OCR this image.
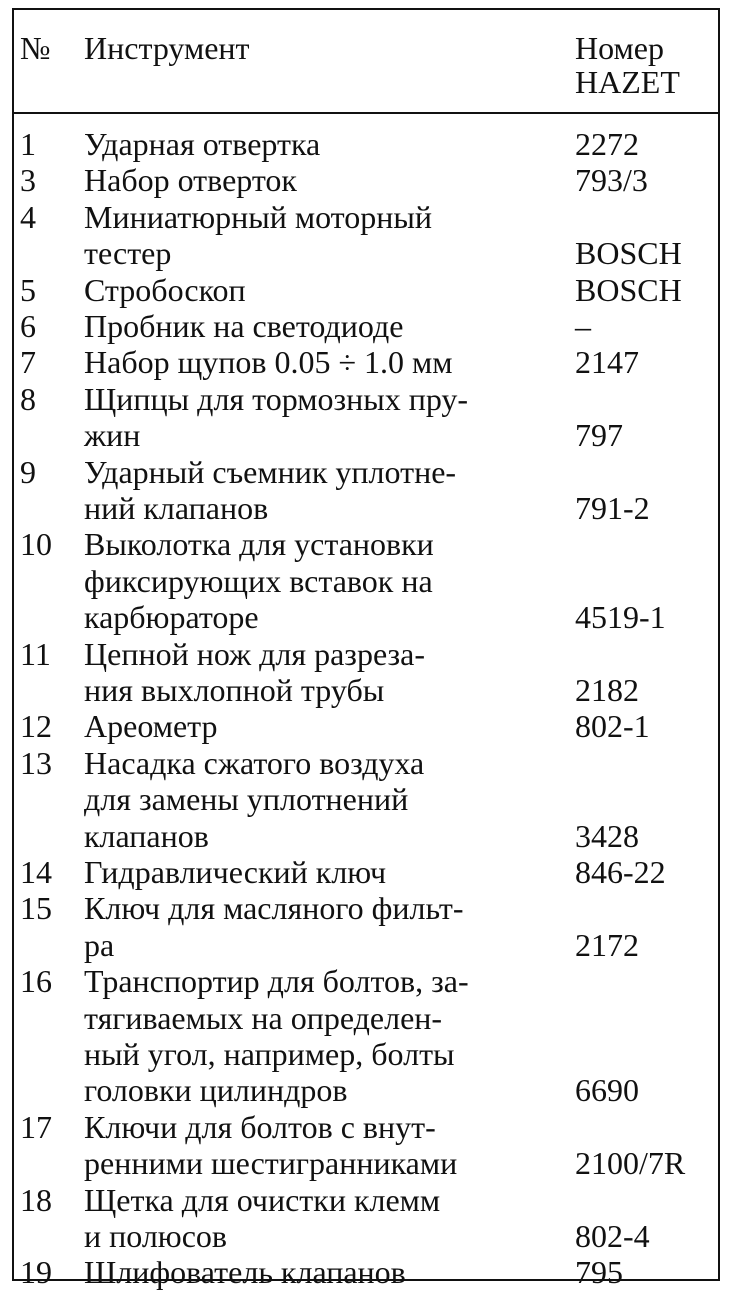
№ Инструмент	Номер
HAZET
1 Ударная отвертка	2272
3 Набор отверток	793/3
4 Миниатюрный моторный
тестер	BOSCH
5 Стробоскоп	BOSCH
6 Пробник на светодиоде	–
7 Набор щупов 0.05 ÷ 1.0 мм	2147
8 Щипцы для тормозных пру-
жин	797
9 Ударный съемник уплотне-
ний клапанов	791-2
10 Выколотка для установки
фиксирующих вставок на
карбюраторе	4519-1
11 Цепной нож для разреза-
ния выхлопной трубы	2182
12 Ареометр	802-1
13 Насадка сжатого воздуха
для замены уплотнений
клапанов	3428
14 Гидравлический ключ	846-22
15 Ключ для масляного фильт-
ра	2172
16 Транспортир для болтов, за-
тягиваемых на определен-
ный угол, например, болты
головки цилиндров	6690
17 Ключи для болтов с внут-
ренними шестигранниками	2100/7R
18 Щетка для очистки клемм
и полюсов	802-4
19 Шлифователь клапанов	795
